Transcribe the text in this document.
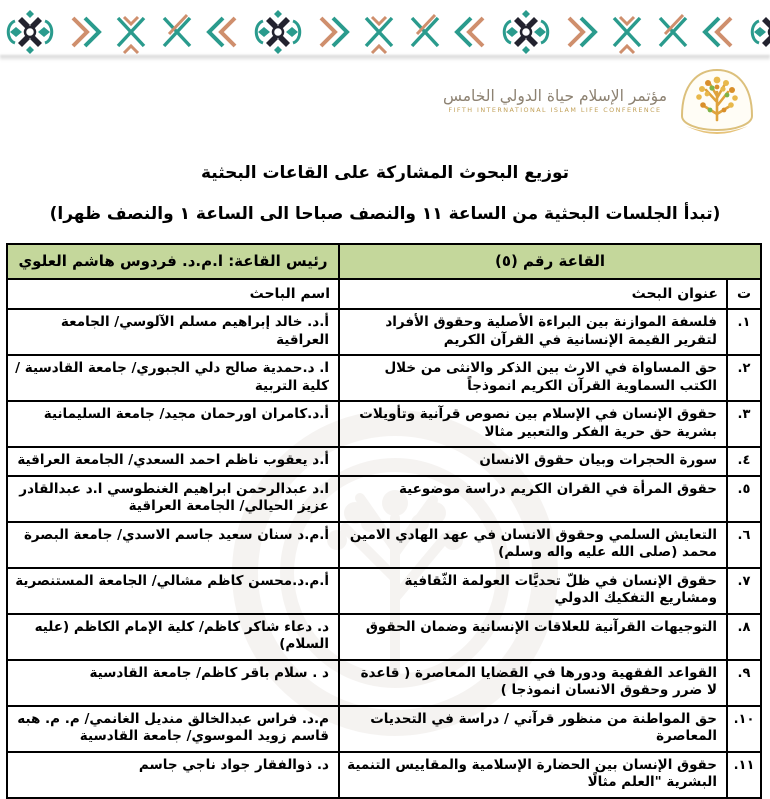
مؤتمر الإسلام حياة الدولي الخامس
FIFTH INTERNATIONAL ISLAM LIFE CONFERENCE
توزيع البحوث المشاركة على القاعات البحثية
(تبدأ الجلسات البحثية من الساعة ١١ والنصف صباحا الى الساعة ١ والنصف ظهرا)
القاعة رقم (٥)		رئيس القاعة: ا.م.د. فردوس هاشم العلوي
ت	عنوان البحث	اسم الباحث
١.	فلسفة الموازنة بين البراءة الأصلية وحقوق الأفراد لتقرير القيمة الإنسانية في القرآن الكريم	أ.د. خالد إبراهيم مسلم الآلوسي/ الجامعة العراقية
٢.	حق المساواة في الارث بين الذكر والانثى من خلال الكتب السماوية القرآن الكريم انموذجاً	ا. د.حمدية صالح دلي الجبوري/ جامعة القادسية / كلية التربية
٣.	حقوق الإنسان في الإسلام بين نصوص قرآنية وتأويلات بشرية حق حرية الفكر والتعبير مثالا	أ.د.كامران اورحمان مجيد/ جامعة السليمانية
٤.	سورة الحجرات وبيان حقوق الانسان	أ.د يعقوب ناظم احمد السعدي/ الجامعة العراقية
٥.	حقوق المرأة في القران الكريم دراسة موضوعية	ا.د عبدالرحمن ابراهيم الغنطوسي ا.د عبدالقادر عزيز الحيالي/ الجامعة العراقية
٦.	التعايش السلمي وحقوق الانسان في عهد الهادي الامين محمد (صلى الله عليه واله وسلم)	أ.م.د سنان سعيد جاسم الاسدي/ جامعة البصرة
٧.	حقوق الإنسان في ظلّ تحديَّات العولمة الثّقافية ومشاريع التفكيك الدولي	أ.م.د.محسن كاظم مشالي/ الجامعة المستنصرية
٨.	التوجيهات القرآنية للعلاقات الإنسانية وضمان الحقوق	د. دعاء شاكر كاظم/ كلية الإمام الكاظم (عليه السلام)
٩.	القواعد الفقهية ودورها في القضايا المعاصرة ( قاعدة لا ضرر وحقوق الانسان انموذجا )	د . سلام باقر كاظم/ جامعة القادسية
١٠.	حق المواطنة من منظور قرآني / دراسة في التحديات المعاصرة	م.د. فراس عبدالخالق منديل الغانمي/ م. م. هبه قاسم زويد الموسوي/ جامعة القادسية
١١.	حقوق الإنسان بين الحضارة الإسلامية والمقاييس التنمية البشرية "العلم مثالًا	د. ذوالفقار جواد ناجي جاسم
